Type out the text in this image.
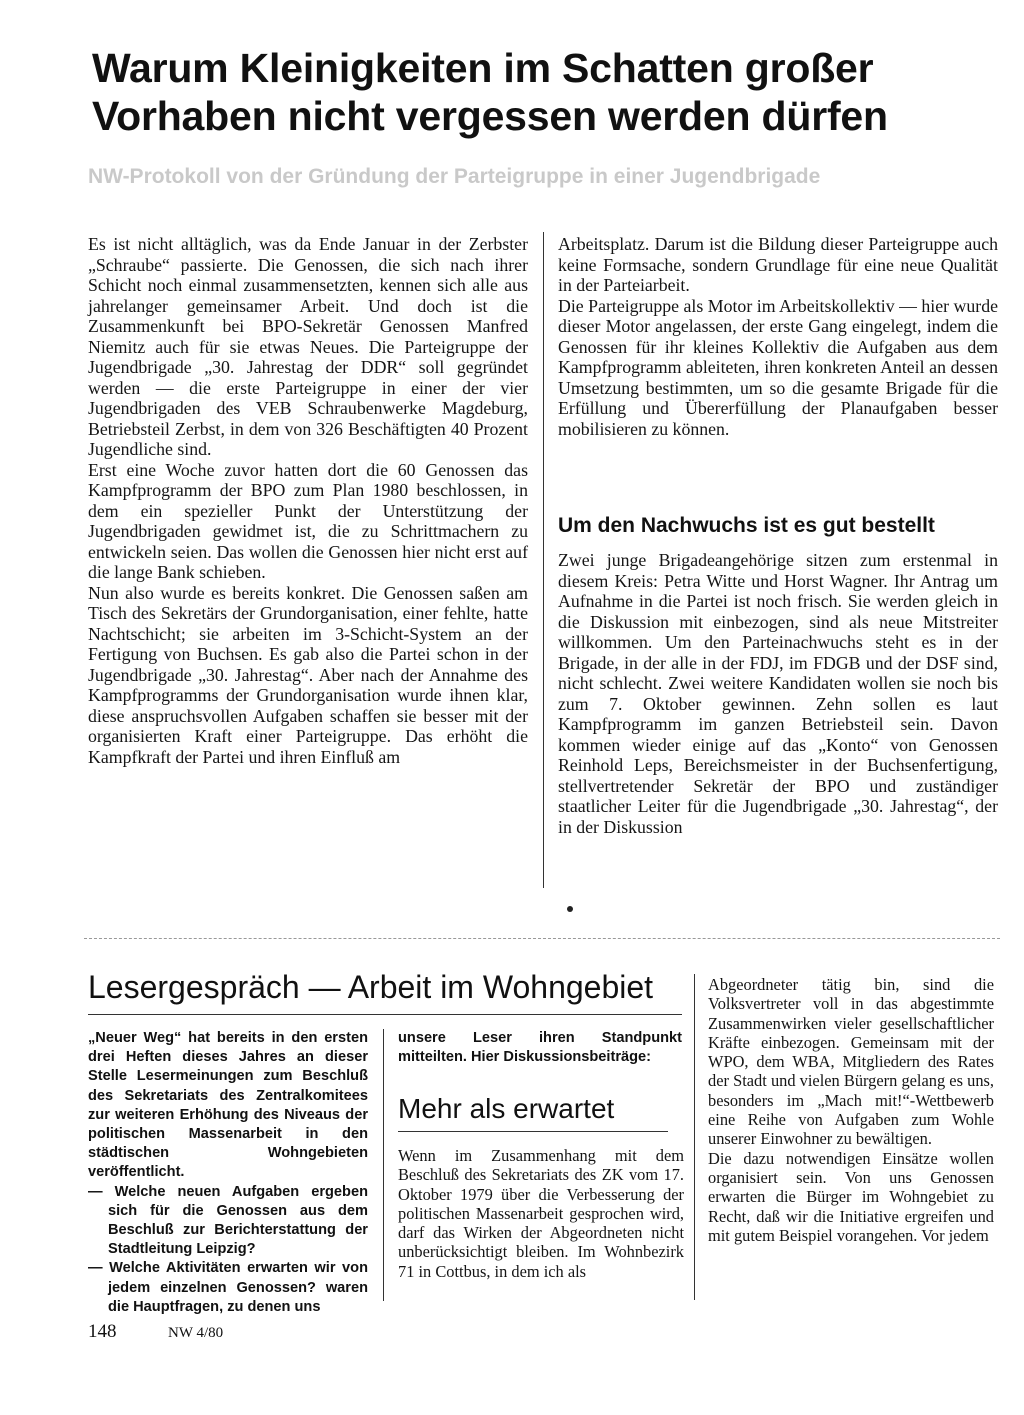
Warum Kleinigkeiten im Schatten großer
Vorhaben nicht vergessen werden dürfen
NW-Protokoll von der Gründung der Parteigruppe in einer Jugendbrigade

Es ist nicht alltäglich, was da Ende Januar in der Zerbster „Schraube“ passierte. Die Genossen, die sich nach ihrer Schicht noch einmal zusammensetzten, kennen sich alle aus jahrelanger gemeinsamer Arbeit. Und doch ist die Zusammenkunft bei BPO-Sekretär Genossen Manfred Niemitz auch für sie etwas Neues. Die Parteigruppe der Jugendbrigade „30. Jahrestag der DDR“ soll gegründet werden — die erste Parteigruppe in einer der vier Jugendbrigaden des VEB Schraubenwerke Magdeburg, Betriebsteil Zerbst, in dem von 326 Beschäftigten 40 Prozent Jugendliche sind.

Erst eine Woche zuvor hatten dort die 60 Genossen das Kampfprogramm der BPO zum Plan 1980 beschlossen, in dem ein spezieller Punkt der Unterstützung der Jugendbrigaden gewidmet ist, die zu Schrittmachern zu entwickeln seien. Das wollen die Genossen hier nicht erst auf die lange Bank schieben.

Nun also wurde es bereits konkret. Die Genossen saßen am Tisch des Sekretärs der Grundorganisation, einer fehlte, hatte Nachtschicht; sie arbeiten im 3-Schicht-System an der Fertigung von Buchsen. Es gab also die Partei schon in der Jugendbrigade „30. Jahrestag“. Aber nach der Annahme des Kampfprogramms der Grundorganisation wurde ihnen klar, diese anspruchsvollen Aufgaben schaffen sie besser mit der organisierten Kraft einer Parteigruppe. Das erhöht die Kampfkraft der Partei und ihren Einfluß am

Arbeitsplatz. Darum ist die Bildung dieser Parteigruppe auch keine Formsache, sondern Grundlage für eine neue Qualität in der Parteiarbeit.

Die Parteigruppe als Motor im Arbeitskollektiv — hier wurde dieser Motor angelassen, der erste Gang eingelegt, indem die Genossen für ihr kleines Kollektiv die Aufgaben aus dem Kampfprogramm ableiteten, ihren konkreten Anteil an dessen Umsetzung bestimmten, um so die gesamte Brigade für die Erfüllung und Übererfüllung der Planaufgaben besser mobilisieren zu können.

Um den Nachwuchs ist es gut bestellt

Zwei junge Brigadeangehörige sitzen zum erstenmal in diesem Kreis: Petra Witte und Horst Wagner. Ihr Antrag um Aufnahme in die Partei ist noch frisch. Sie werden gleich in die Diskussion mit einbezogen, sind als neue Mitstreiter willkommen. Um den Parteinachwuchs steht es in der Brigade, in der alle in der FDJ, im FDGB und der DSF sind, nicht schlecht. Zwei weitere Kandidaten wollen sie noch bis zum 7. Oktober gewinnen. Zehn sollen es laut Kampfprogramm im ganzen Betriebsteil sein. Davon kommen wieder einige auf das „Konto“ von Genossen Reinhold Leps, Bereichsmeister in der Buchsenfertigung, stellvertretender Sekretär der BPO und zuständiger staatlicher Leiter für die Jugendbrigade „30. Jahrestag“, der in der Diskussion

Lesergespräch — Arbeit im Wohngebiet

„Neuer Weg“ hat bereits in den ersten drei Heften dieses Jahres an dieser Stelle Lesermeinungen zum Beschluß des Sekretariats des Zentralkomitees zur weiteren Erhöhung des Niveaus der politischen Massenarbeit in den städtischen Wohngebieten veröffentlicht.

— Welche neuen Aufgaben ergeben sich für die Genossen aus dem Beschluß zur Berichterstattung der Stadtleitung Leipzig?

— Welche Aktivitäten erwarten wir von jedem einzelnen Genossen? waren die Hauptfragen, zu denen uns

unsere Leser ihren Standpunkt mitteilten. Hier Diskussionsbeiträge:

Mehr als erwartet

Wenn im Zusammenhang mit dem Beschluß des Sekretariats des ZK vom 17. Oktober 1979 über die Verbesserung der politischen Massenarbeit gesprochen wird, darf das Wirken der Abgeordneten nicht unberücksichtigt bleiben. Im Wohnbezirk 71 in Cottbus, in dem ich als

Abgeordneter tätig bin, sind die Volksvertreter voll in das abgestimmte Zusammenwirken vieler gesellschaftlicher Kräfte einbezogen. Gemeinsam mit der WPO, dem WBA, Mitgliedern des Rates der Stadt und vielen Bürgern gelang es uns, besonders im „Mach mit!“-Wettbewerb eine Reihe von Aufgaben zum Wohle unserer Einwohner zu bewältigen.

Die dazu notwendigen Einsätze wollen organisiert sein. Von uns Genossen erwarten die Bürger im Wohngebiet zu Recht, daß wir die Initiative ergreifen und mit gutem Beispiel vorangehen. Vor jedem

148	NW 4/80
